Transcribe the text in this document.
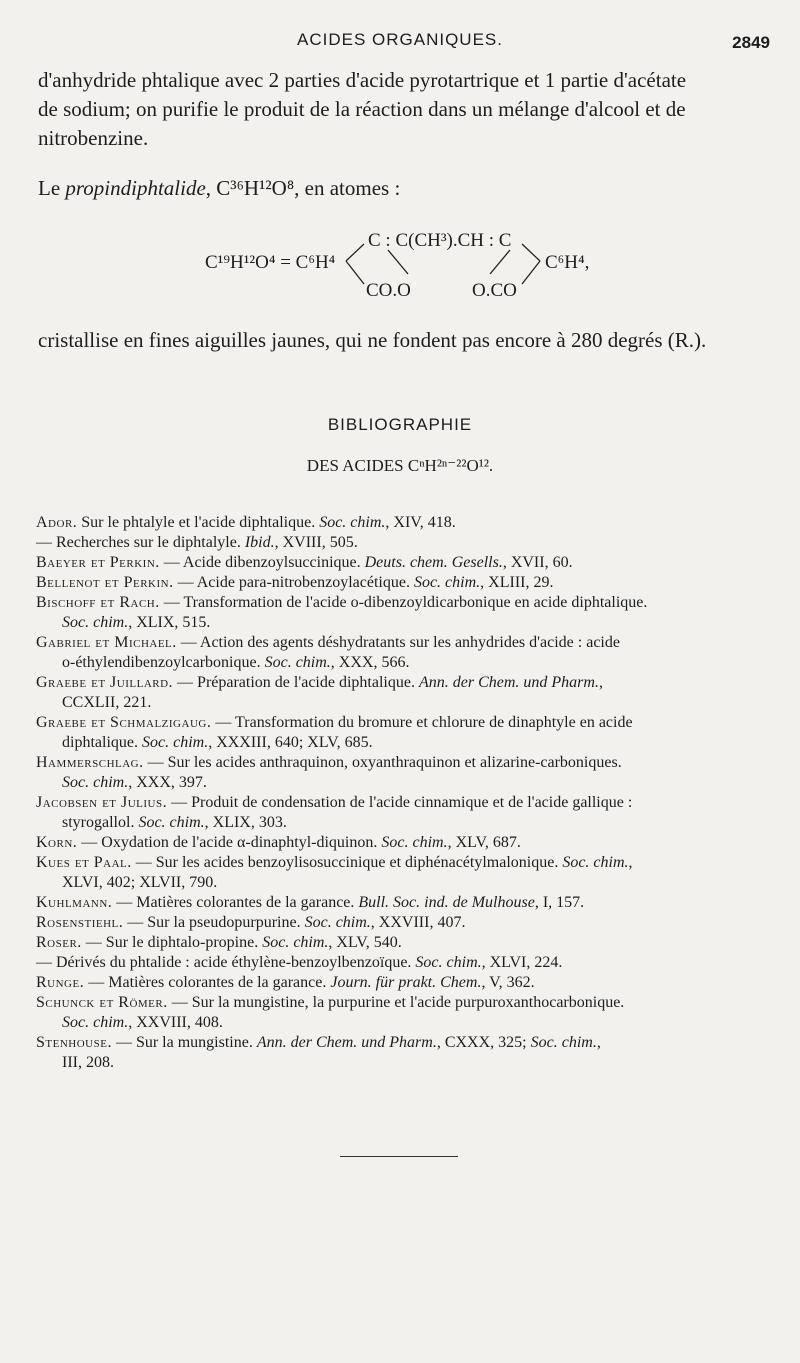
ACIDES ORGANIQUES.	2849
d'anhydride phtalique avec 2 parties d'acide pyrotartrique et 1 partie d'acétate
de sodium; on purifie le produit de la réaction dans un mélange d'alcool et de
nitrobenzine.
Le propindiphtalide, C³⁶H¹²O⁸, en atomes :
C¹⁹H¹²O⁴ = C⁶H⁴
C : C(CH³).CH : C
CO.O	O.CO
C⁶H⁴,
cristallise en fines aiguilles jaunes, qui ne fondent pas encore à 280 degrés (R.).
BIBLIOGRAPHIE
DES ACIDES CⁿH²ⁿ⁻²²O¹².

Ador. Sur le phtalyle et l'acide diphtalique. Soc. chim., XIV, 418.

— Recherches sur le diphtalyle. Ibid., XVIII, 505.

Baeyer et Perkin. — Acide dibenzoylsuccinique. Deuts. chem. Gesells., XVII, 60.

Bellenot et Perkin. — Acide para-nitrobenzoylacétique. Soc. chim., XLIII, 29.

Bischoff et Rach. — Transformation de l'acide o-dibenzoyldicarbonique en acide diphtalique.
Soc. chim., XLIX, 515.

Gabriel et Michael. — Action des agents déshydratants sur les anhydrides d'acide : acide
o-éthylendibenzoylcarbonique. Soc. chim., XXX, 566.

Graebe et Juillard. — Préparation de l'acide diphtalique. Ann. der Chem. und Pharm.,
CCXLII, 221.

Graebe et Schmalzigaug. — Transformation du bromure et chlorure de dinaphtyle en acide
diphtalique. Soc. chim., XXXIII, 640; XLV, 685.

Hammerschlag. — Sur les acides anthraquinon, oxyanthraquinon et alizarine-carboniques.
Soc. chim., XXX, 397.

Jacobsen et Julius. — Produit de condensation de l'acide cinnamique et de l'acide gallique :
styrogallol. Soc. chim., XLIX, 303.

Korn. — Oxydation de l'acide α-dinaphtyl-diquinon. Soc. chim., XLV, 687.

Kues et Paal. — Sur les acides benzoylisosuccinique et diphénacétylmalonique. Soc. chim.,
XLVI, 402; XLVII, 790.

Kuhlmann. — Matières colorantes de la garance. Bull. Soc. ind. de Mulhouse, I, 157.

Rosenstiehl. — Sur la pseudopurpurine. Soc. chim., XXVIII, 407.

Roser. — Sur le diphtalo-propine. Soc. chim., XLV, 540.

— Dérivés du phtalide : acide éthylène-benzoylbenzoïque. Soc. chim., XLVI, 224.

Runge. — Matières colorantes de la garance. Journ. für prakt. Chem., V, 362.

Schunck et Römer. — Sur la mungistine, la purpurine et l'acide purpuroxanthocarbonique.
Soc. chim., XXVIII, 408.

Stenhouse. — Sur la mungistine. Ann. der Chem. und Pharm., CXXX, 325; Soc. chim.,
III, 208.
